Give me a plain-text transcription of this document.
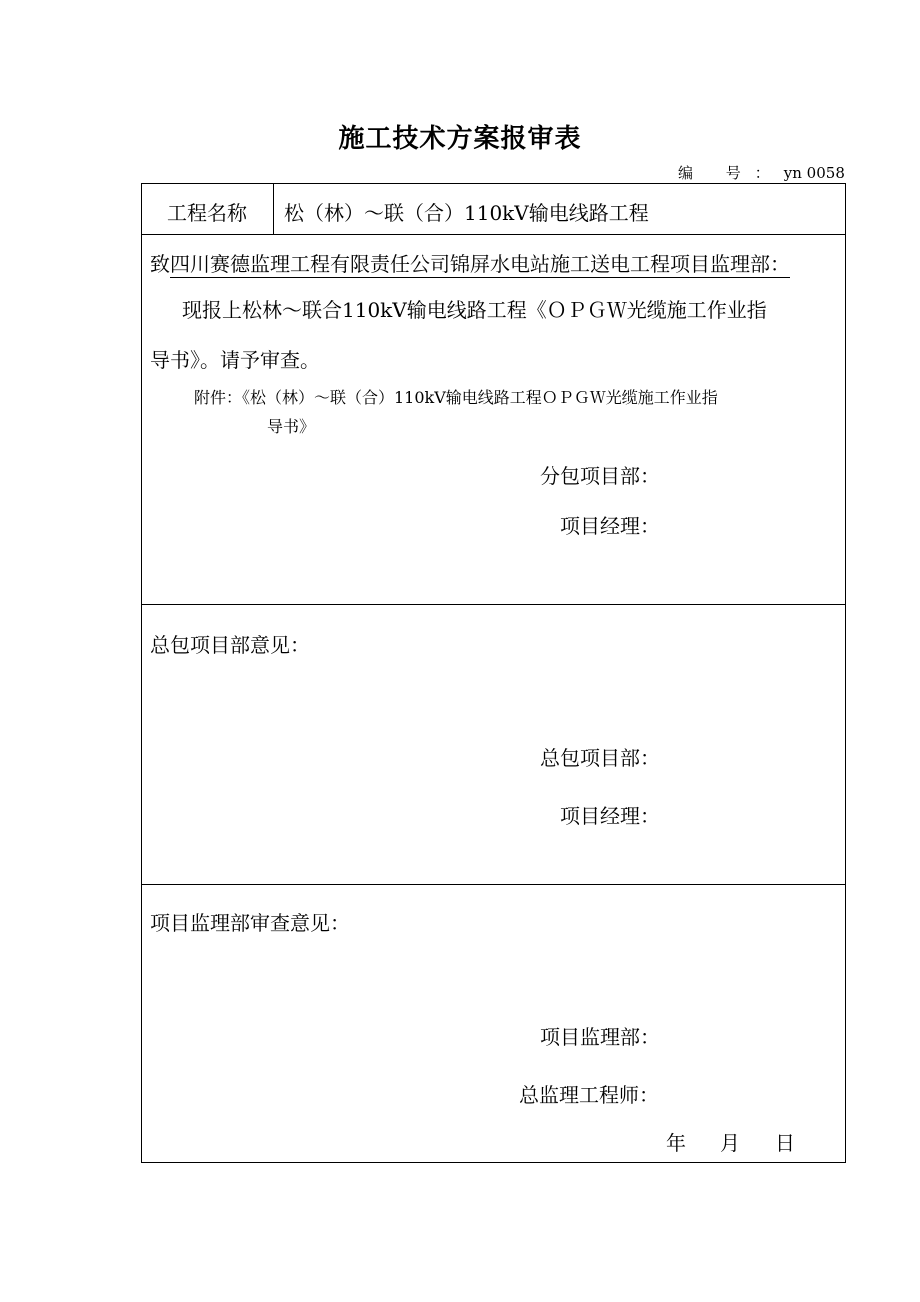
施工技术方案报审表
编 号：yn 0058
工程名称 松（林）～联（合）110kV输电线路工程
致四川赛德监理工程有限责任公司锦屏水电站施工送电工程项目监理部：
现报上松林～联合110kV输电线路工程《ＯＰＧＷ光缆施工作业指
导书》。请予审查。
附件：《松（林）～联（合）110kV输电线路工程ＯＰＧＷ光缆施工作业指
导书》
分包项目部：
项目经理：
总包项目部意见：
总包项目部：
项目经理：
项目监理部审查意见：
项目监理部：
总监理工程师：
年 月 日
